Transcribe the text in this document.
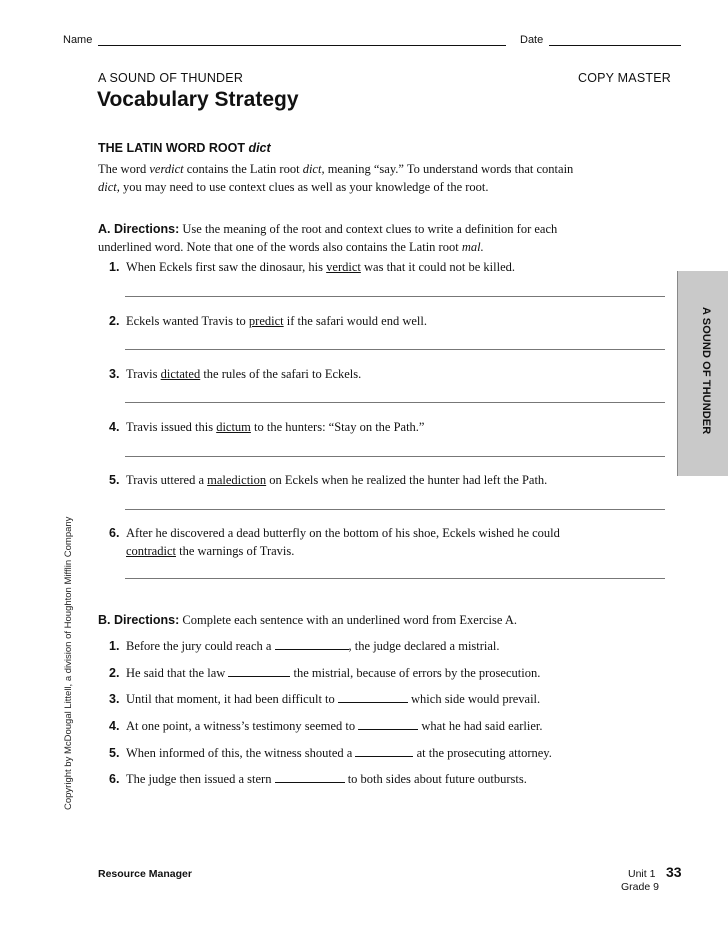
Name	Date
A SOUND OF THUNDER	COPY MASTER
Vocabulary Strategy
THE LATIN WORD ROOT dict
The word verdict contains the Latin root dict, meaning “say.” To understand words that contain dict, you may need to use context clues as well as your knowledge of the root.
A. Directions: Use the meaning of the root and context clues to write a definition for each underlined word. Note that one of the words also contains the Latin root mal.
1. When Eckels first saw the dinosaur, his verdict was that it could not be killed.
2. Eckels wanted Travis to predict if the safari would end well.
3. Travis dictated the rules of the safari to Eckels.
4. Travis issued this dictum to the hunters: “Stay on the Path.”
5. Travis uttered a malediction on Eckels when he realized the hunter had left the Path.
6. After he discovered a dead butterfly on the bottom of his shoe, Eckels wished he could
contradict the warnings of Travis.
B. Directions: Complete each sentence with an underlined word from Exercise A.
1. Before the jury could reach a	, the judge declared a mistrial.
2. He said that the law	the mistrial, because of errors by the prosecution.
3. Until that moment, it had been difficult to	which side would prevail.
4. At one point, a witness’s testimony seemed to	what he had said earlier.
5. When informed of this, the witness shouted a	at the prosecuting attorney.
6. The judge then issued a stern	to both sides about future outbursts.
A SOUND OF THUNDER
Copyright by McDougal Littell, a division of Houghton Mifflin Company
Resource Manager	Unit 1
Grade 9
33
